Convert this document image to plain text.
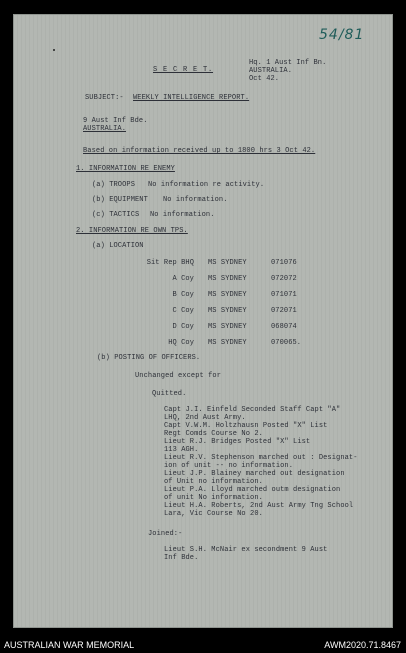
54/81
S E C R E T.
Hq. 1 Aust Inf Bn.
AUSTRALIA.
Oct 42.
SUBJECT:- WEEKLY INTELLIGENCE REPORT.
9 Aust Inf Bde.
AUSTRALIA.
Based on information received up to 1800 hrs 3 Oct 42.
1. INFORMATION RE ENEMY
(a) TROOPS No information re activity.
(b) EQUIPMENT No information.
(c) TACTICS No information.
2. INFORMATION RE OWN TPS.
(a) LOCATION
Sit Rep BHQ MS SYDNEY	071076
A Coy MS SYDNEY	072072
B Coy MS SYDNEY	071071
C Coy MS SYDNEY	072071
D Coy MS SYDNEY	068074
HQ Coy MS SYDNEY	070065.
(b) POSTING OF OFFICERS.
Unchanged except for
Quitted.
Capt J.I. Einfeld Seconded Staff Capt "A"
LHQ, 2nd Aust Army.
Capt V.W.M. Holtzhausn Posted "X" List
Regt Comds Course No 2.
Lieut R.J. Bridges Posted "X" List
113 AGH.
Lieut R.V. Stephenson marched out : Designat-
ion of unit -- no information.
Lieut J.P. Blainey marched out designation
of Unit no information.
Lieut P.A. Lloyd marched outm designation
of unit No information.
Lieut H.A. Roberts, 2nd Aust Army Tng School
Lara, Vic Course No 20.
Joined:-
Lieut S.H. McNair ex secondment 9 Aust
Inf Bde.
AUSTRALIAN WAR MEMORIAL	AWM2020.71.8467
